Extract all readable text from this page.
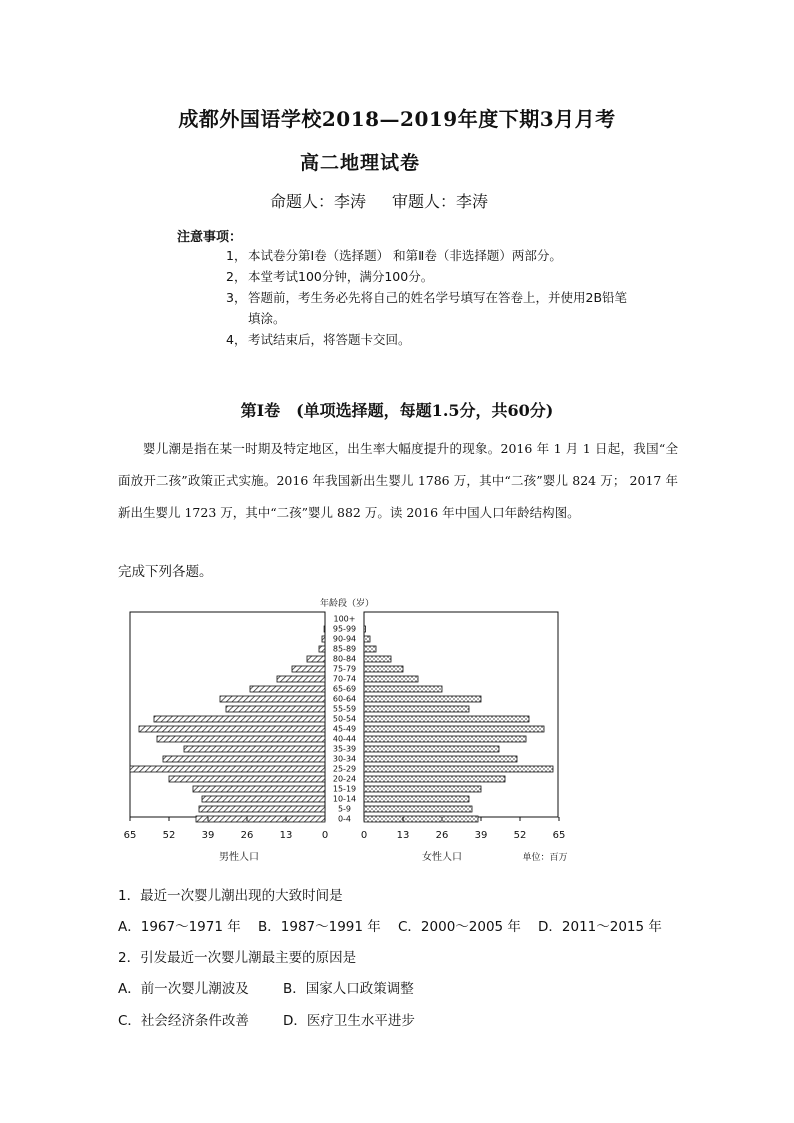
成都外国语学校2018—2019年度下期3月月考
高二地理试卷
命题人：李涛 审题人：李涛
注意事项：
1， 本试卷分第Ⅰ卷（选择题） 和第Ⅱ卷（非选择题）两部分。
2， 本堂考试100分钟，满分100分。
3， 答题前，考生务必先将自己的姓名学号填写在答卷上，并使用2B铅笔
填涂。
4， 考试结束后，将答题卡交回。
第Ⅰ卷　(单项选择题，每题1.5分，共60分)
婴儿潮是指在某一时期及特定地区，出生率大幅度提升的现象。2016 年 1 月 1 日起，我国“全面放开二孩”政策正式实施。2016 年我国新出生婴儿 1786 万，其中“二孩”婴儿 824 万； 2017 年新出生婴儿 1723 万，其中“二孩”婴儿 882 万。读 2016 年中国人口年龄结构图。
完成下列各题。
年龄段（岁）
100+
95-99
90-94
85-89
80-84
75-79
70-74
65-69
60-64
55-59
50-54
45-49
40-44
35-39
30-34
25-29
20-24
15-19
10-14
5-9
0-4
65	52	39	26	13	0	0	13	26	39	52	65
男性人口	女性人口	单位：百万
1．最近一次婴儿潮出现的大致时间是
A．1967～1971 年 B．1987～1991 年 C．2000～2005 年 D．2011～2015 年
2．引发最近一次婴儿潮最主要的原因是
A．前一次婴儿潮波及	B．国家人口政策调整
C．社会经济条件改善	D．医疗卫生水平进步
